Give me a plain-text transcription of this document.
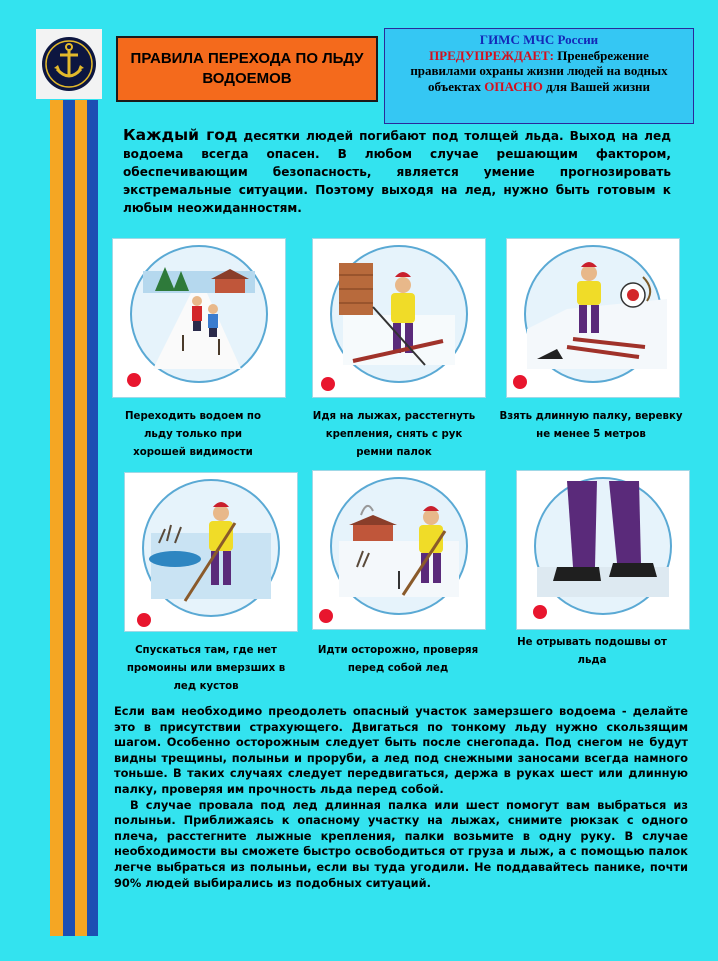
ПРАВИЛА ПЕРЕХОДА ПО ЛЬДУ ВОДОЕМОВ
ГИМС МЧС России
ПРЕДУПРЕЖДАЕТ: Пренебрежение правилами охраны жизни людей на водных объектах ОПАСНО для Вашей жизни

Каждый год десятки людей погибают под толщей льда. Выход на лед водоема всегда опасен. В любом случае решающим фактором, обеспечивающим безопасность, является умение прогнозировать экстремальные ситуации. Поэтому выходя на лед, нужно быть готовым к любым неожиданностям.

Переходить водоем по льду только при хорошей видимости
Идя на лыжах, расстегнуть крепления, снять с рук ремни палок
Взять длинную палку, веревку не менее 5 метров
Спускаться там, где нет промоины или вмерзших в лед кустов
Идти осторожно, проверяя перед собой лед
Не отрывать подошвы от льда

Если вам необходимо преодолеть опасный участок замерзшего водоема - делайте это в присутствии страхующего. Двигаться по тонкому льду нужно скользящим шагом. Особенно осторожным следует быть после снегопада. Под снегом не будут видны трещины, полыньи и проруби, а лед под снежными заносами всегда намного тоньше. В таких случаях следует передвигаться, держа в руках шест или длинную палку, проверяя им прочность льда перед собой.

В случае провала под лед длинная палка или шест помогут вам выбраться из полыньи. Приближаясь к опасному участку на лыжах, снимите рюкзак с одного плеча, расстегните лыжные крепления, палки возьмите в одну руку. В случае необходимости вы сможете быстро освободиться от груза и лыж, а с помощью палок легче выбраться из полыньи, если вы туда угодили. Не поддавайтесь панике, почти 90% людей выбирались из подобных ситуаций.
